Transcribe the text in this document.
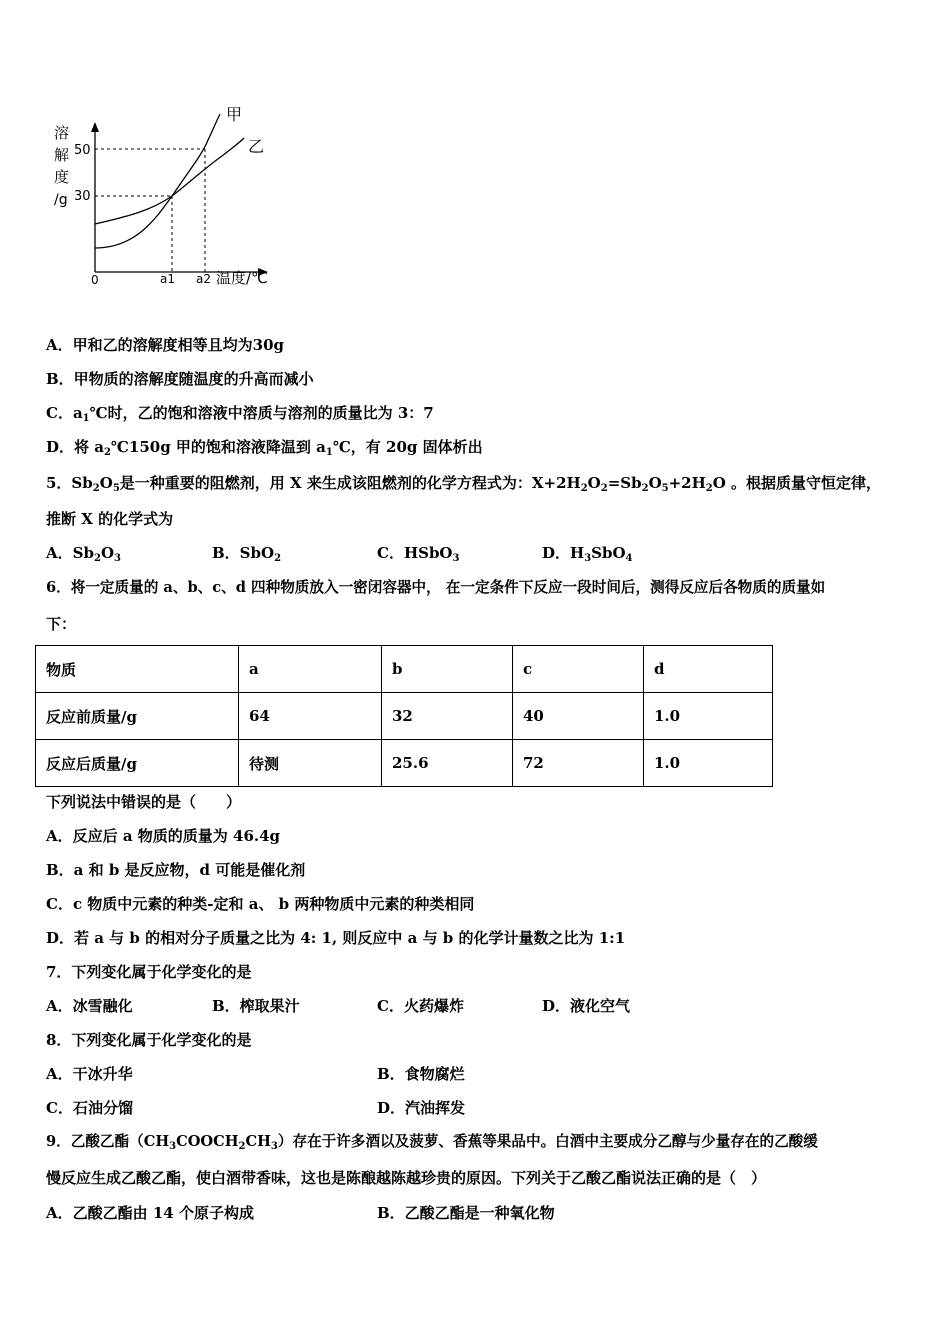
溶
解
度
/g
50
30
0	a1 a2 温度/℃
甲
乙
A．甲和乙的溶解度相等且均为30g
B．甲物质的溶解度随温度的升高而减小
C．$a_1℃$时，乙的饱和溶液中溶质与溶剂的质量比为 3：7
D．将 $a_2℃150g$ 甲的饱和溶液降温到 $a_1℃$，有 20g 固体析出
5．$Sb_2O_5$是一种重要的阻燃剂，用 X 来生成该阻燃剂的化学方程式为：$X+2H_2O_2=Sb_2O_5+2H_2O$ 。根据质量守恒定律，
推断 X 的化学式为
A．$Sb_2O_3$	B．SbO$_2$	C．HSbO$_3$	D．$H_3SbO_4$
6．将一定质量的 a、b、c、d 四种物质放入一密闭容器中， 在一定条件下反应一段时间后，测得反应后各物质的质量如
下：
物质	a	b	c	d
反应前质量/g	64	32	40	1.0
反应后质量/g	待测	25.6	72	1.0
下列说法中错误的是（　　）
A．反应后 a 物质的质量为 46.4g
B．a 和 b 是反应物，d 可能是催化剂
C．c 物质中元素的种类-定和 a、 b 两种物质中元素的种类相同
D．若 a 与 b 的相对分子质量之比为 4: 1, 则反应中 a 与 b 的化学计量数之比为 1:1
7．下列变化属于化学变化的是
A．冰雪融化	B．榨取果汁	C．火药爆炸	D．液化空气
8．下列变化属于化学变化的是
A．干冰升华	B．食物腐烂
C．石油分馏	D．汽油挥发
9．乙酸乙酯$(CH_3COOCH_2CH_3)$存在于许多酒以及菠萝、香蕉等果品中。白酒中主要成分乙醇与少量存在的乙酸缓
慢反应生成乙酸乙酯，使白酒带香味，这也是陈酿越陈越珍贵的原因。下列关于乙酸乙酯说法正确的是（　）
A．乙酸乙酯由 14 个原子构成	B．乙酸乙酯是一种氧化物
